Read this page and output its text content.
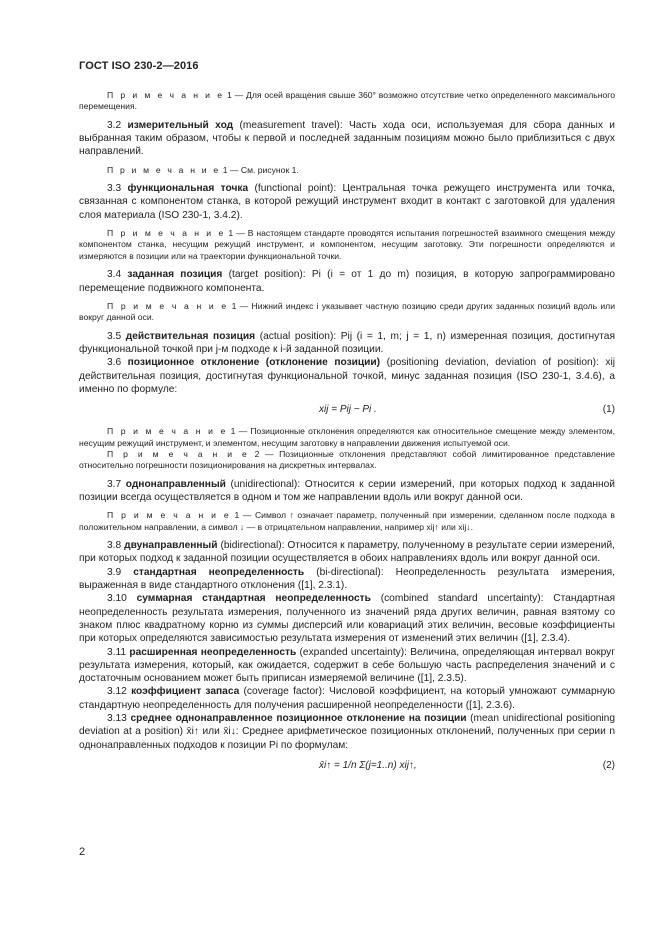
ГОСТ ISO 230-2—2016

П р и м е ч а н и е 1 — Для осей вращения свыше 360° возможно отсутствие четко определенного максимального перемещения.

3.2 измерительный ход (measurement travel): Часть хода оси, используемая для сбора данных и выбранная таким образом, чтобы к первой и последней заданным позициям можно было приблизиться с двух направлений.

П р и м е ч а н и е 1 — См. рисунок 1.

3.3 функциональная точка (functional point): Центральная точка режущего инструмента или точка, связанная с компонентом станка, в которой режущий инструмент входит в контакт с заготовкой для удаления слоя материала (ISO 230-1, 3.4.2).

П р и м е ч а н и е 1 — В настоящем стандарте проводятся испытания погрешностей взаимного смещения между компонентом станка, несущим режущий инструмент, и компонентом, несущим заготовку. Эти погрешности определяются и измеряются в позиции или на траектории функциональной точки.

3.4 заданная позиция (target position): Pi (i = от 1 до m) позиция, в которую запрограммировано перемещение подвижного компонента.

П р и м е ч а н и е 1 — Нижний индекс i указывает частную позицию среди других заданных позиций вдоль или вокруг данной оси.

3.5 действительная позиция (actual position): Pij (i = 1, m; j = 1, n) измеренная позиция, достигнутая функциональной точкой при j-м подходе к i-й заданной позиции.

3.6 позиционное отклонение (отклонение позиции) (positioning deviation, deviation of position): xij действительная позиция, достигнутая функциональной точкой, минус заданная позиция (ISO 230-1, 3.4.6), а именно по формуле:

xij = Pij − Pi .	(1)

П р и м е ч а н и е 1 — Позиционные отклонения определяются как относительное смещение между элементом, несущим режущий инструмент, и элементом, несущим заготовку в направлении движения испытуемой оси.

П р и м е ч а н и е 2 — Позиционные отклонения представляют собой лимитированное представление относительно погрешности позиционирования на дискретных интервалах.

3.7 однонаправленный (unidirectional): Относится к серии измерений, при которых подход к заданной позиции всегда осуществляется в одном и том же направлении вдоль или вокруг данной оси.

П р и м е ч а н и е 1 — Символ ↑ означает параметр, полученный при измерении, сделанном после подхода в положительном направлении, а символ ↓ — в отрицательном направлении, например xij↑ или xij↓.

3.8 двунаправленный (bidirectional): Относится к параметру, полученному в результате серии измерений, при которых подход к заданной позиции осуществляется в обоих направлениях вдоль или вокруг данной оси.

3.9 стандартная неопределенность (bi-directional): Неопределенность результата измерения, выраженная в виде стандартного отклонения ([1], 2.3.1).

3.10 суммарная стандартная неопределенность (combined standard uncertainty): Стандартная неопределенность результата измерения, полученного из значений ряда других величин, равная взятому со знаком плюс квадратному корню из суммы дисперсий или ковариаций этих величин, весовые коэффициенты при которых определяются зависимостью результата измерения от изменений этих величин ([1], 2.3.4).

3.11 расширенная неопределенность (expanded uncertainty): Величина, определяющая интервал вокруг результата измерения, который, как ожидается, содержит в себе большую часть распределения значений и с достаточным основанием может быть приписан измеряемой величине ([1], 2.3.5).

3.12 коэффициент запаса (coverage factor): Числовой коэффициент, на который умножают суммарную стандартную неопределенность для получения расширенной неопределенности ([1], 2.3.6).

3.13 среднее однонаправленное позиционное отклонение на позиции (mean unidirectional positioning deviation at a position) x̄i↑ или x̄i↓: Среднее арифметическое позиционных отклонений, полученных при серии n однонаправленных подходов к позиции Pi по формулам:

x̄i↑ = 1/n Σ(j=1..n) xij↑,	(2)
2
